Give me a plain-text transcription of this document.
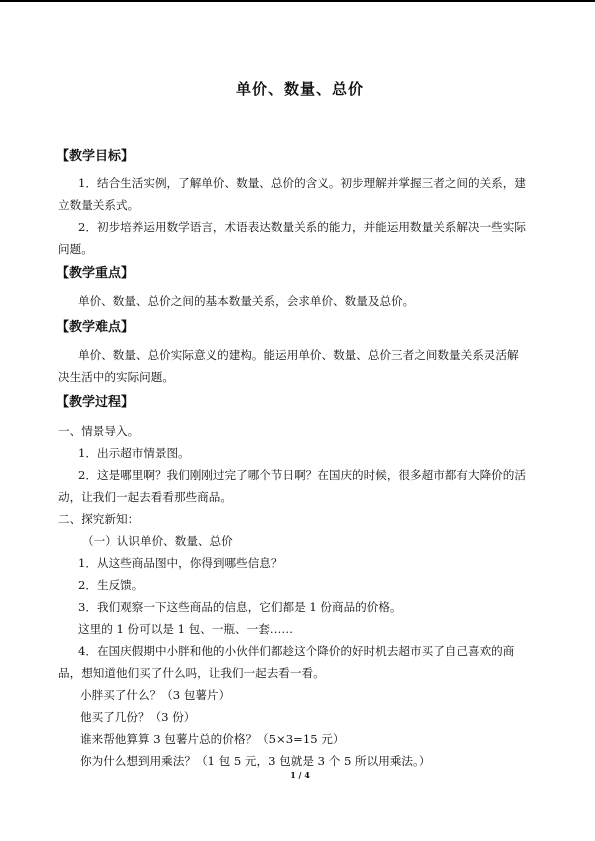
单价、数量、总价
【教学目标】
1．结合生活实例，了解单价、数量、总价的含义。初步理解并掌握三者之间的关系，建
立数量关系式。
2．初步培养运用数学语言，术语表达数量关系的能力，并能运用数量关系解决一些实际
问题。
【教学重点】
单价、数量、总价之间的基本数量关系，会求单价、数量及总价。
【教学难点】
单价、数量、总价实际意义的建构。能运用单价、数量、总价三者之间数量关系灵活解
决生活中的实际问题。
【教学过程】
一、情景导入。
1．出示超市情景图。
2．这是哪里啊？我们刚刚过完了哪个节日啊？在国庆的时候，很多超市都有大降价的活
动，让我们一起去看看那些商品。
二、探究新知：
（一）认识单价、数量、总价
1．从这些商品图中，你得到哪些信息？
2．生反馈。
3．我们观察一下这些商品的信息，它们都是 1 份商品的价格。
这里的 1 份可以是 1 包、一瓶、一套……
4．在国庆假期中小胖和他的小伙伴们都趁这个降价的好时机去超市买了自己喜欢的商
品，想知道他们买了什么吗，让我们一起去看一看。
小胖买了什么？（3 包薯片）
他买了几份？（3 份）
谁来帮他算算 3 包薯片总的价格？（5×3=15 元）
你为什么想到用乘法？（1 包 5 元，3 包就是 3 个 5 所以用乘法。）
1 / 4
